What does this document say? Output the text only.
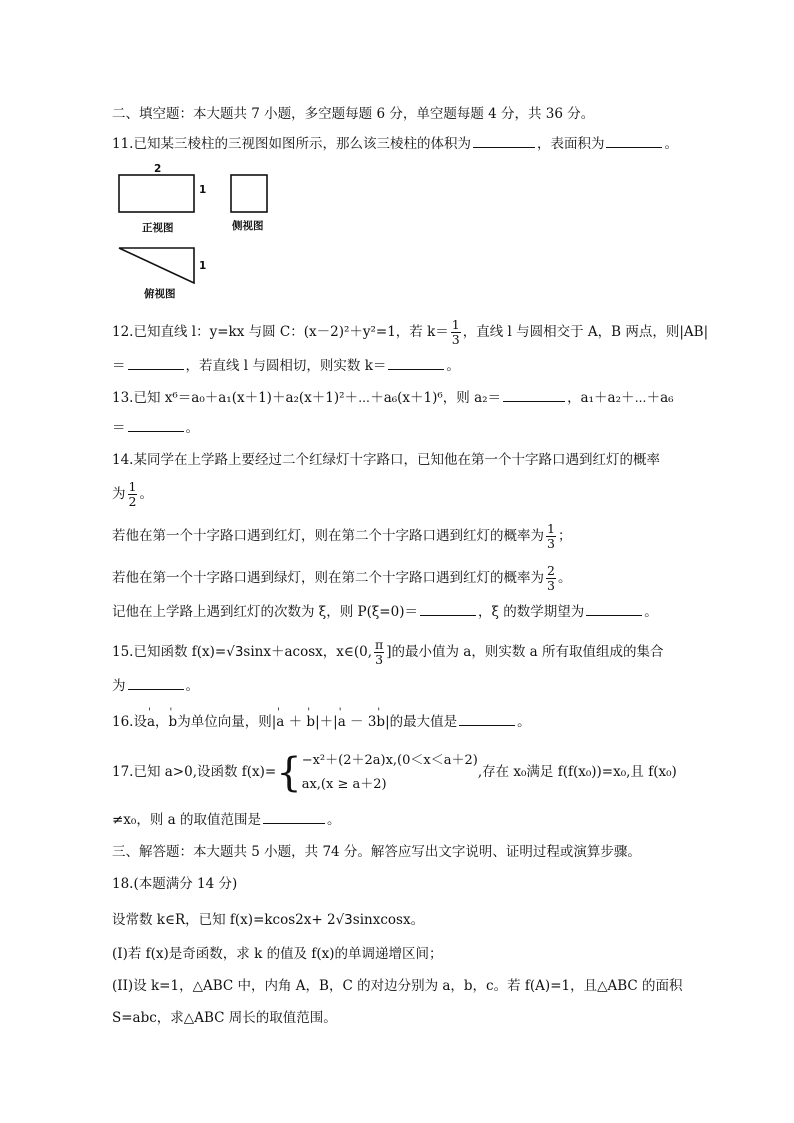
二、填空题：本大题共 7 小题，多空题每题 6 分，单空题每题 4 分，共 36 分。
11.已知某三棱柱的三视图如图所示，那么该三棱柱的体积为	，表面积为	。
2
1
1
正视图	侧视图
俯视图
12.已知直线 l：y=kx 与圆 C：(x－2)²＋y²=1，若 $k= \frac{1}{3}$ ，直线 l 与圆相交于 A，B 两点，则|AB|
＝	，若直线 l 与圆相切，则实数 k＝	。
13.已知 x⁶＝a₀＋a₁(x＋1)＋a₂(x＋1)²＋⋯＋a₆(x＋1)⁶，则 a₂＝	，a₁＋a₂＋⋯＋a₆
＝	。
14.某同学在上学路上要经过二个红绿灯十字路口，已知他在第一个十字路口遇到红灯的概率
为 $\frac{1}{2}$ 。
若他在第一个十字路口遇到红灯，则在第二个十字路口遇到红灯的概率为 $\frac{1}{3}$ ；
若他在第一个十字路口遇到绿灯，则在第二个十字路口遇到红灯的概率为 $\frac{2}{3}$ 。
记他在上学路上遇到红灯的次数为 ξ，则 P(ξ=0)＝	，ξ 的数学期望为	。
15.已知函数 f(x)=√3sinx＋acosx，x∈(0, $\frac{\pi}{3}$ ]的最小值为 a，则实数 a 所有取值组成的集合
为	。
16.设' a，' b为单位向量，则|' a ＋ ' b|＋|' a － 3' b|的最大值是	。
17.已知 a>0,设函数 f(x)={ −x²＋(2＋2a)x,(0＜x＜a＋2)
ax,(x ≥ a＋2)
,存在 x₀满足 f(f(x₀))=x₀,且 f(x₀)
≠x₀，则 a 的取值范围是	。
三、解答题：本大题共 5 小题，共 74 分。解答应写出文字说明、证明过程或演算步骤。
18.(本题满分 14 分)
设常数 k∈R，已知 f(x)=kcos2x+ 2√3sinxcosx。
(I)若 f(x)是奇函数，求 k 的值及 f(x)的单调递增区间；
(II)设 k=1，△ABC 中，内角 A，B，C 的对边分别为 a，b，c。若 f(A)=1，且△ABC 的面积
S=abc，求△ABC 周长的取值范围。
